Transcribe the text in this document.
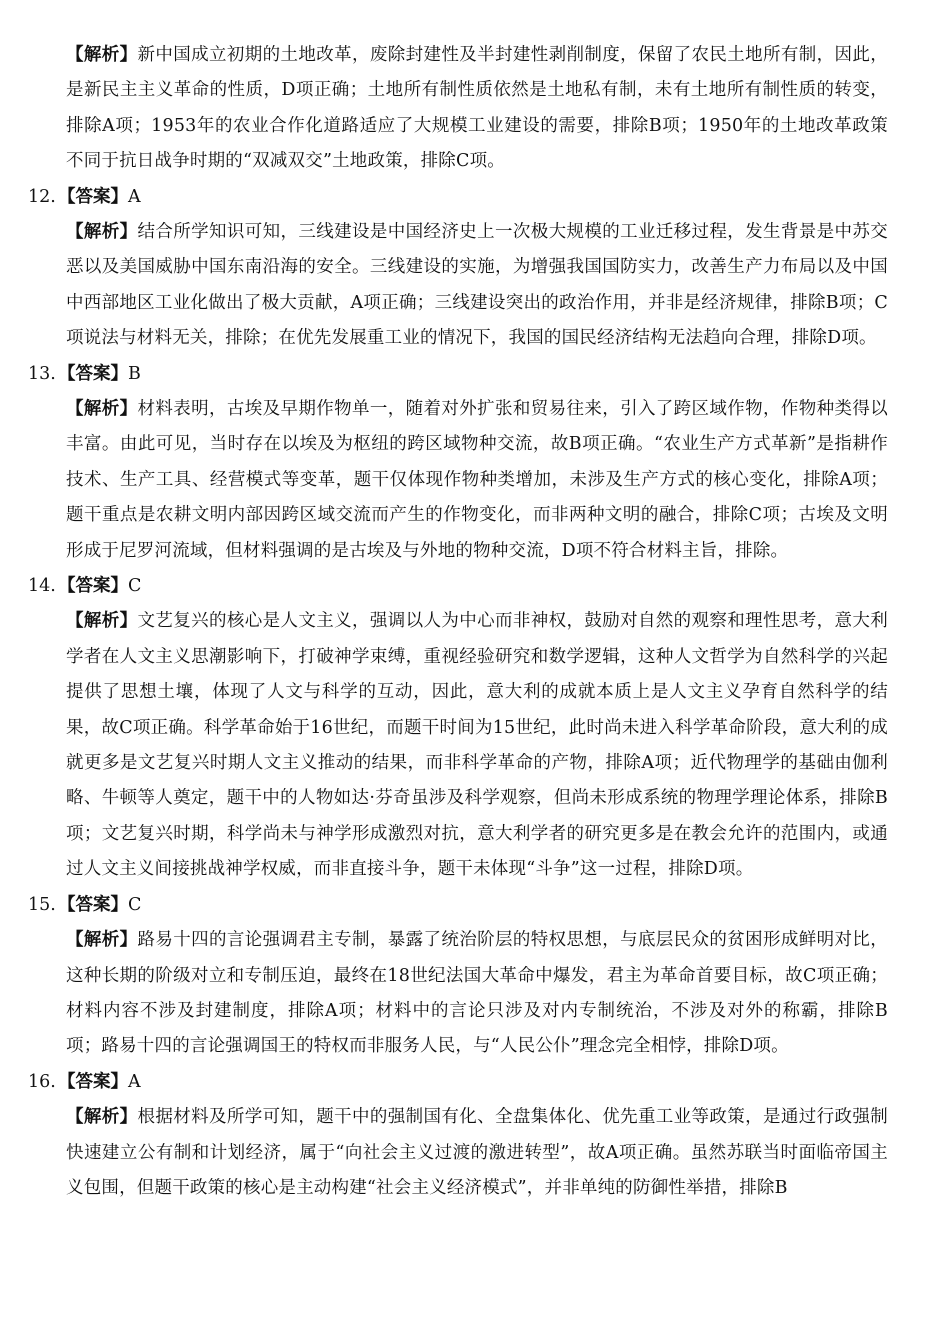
【解析】新中国成立初期的土地改革，废除封建性及半封建性剥削制度，保留了农民土地所有制，因此，是新民主主义革命的性质，D项正确；土地所有制性质依然是土地私有制，未有土地所有制性质的转变，排除A项；1953年的农业合作化道路适应了大规模工业建设的需要，排除B项；1950年的土地改革政策不同于抗日战争时期的“双减双交”土地政策，排除C项。

12. 【答案】A

【解析】结合所学知识可知，三线建设是中国经济史上一次极大规模的工业迁移过程，发生背景是中苏交恶以及美国威胁中国东南沿海的安全。三线建设的实施，为增强我国国防实力，改善生产力布局以及中国中西部地区工业化做出了极大贡献，A项正确；三线建设突出的政治作用，并非是经济规律，排除B项；C项说法与材料无关，排除；在优先发展重工业的情况下，我国的国民经济结构无法趋向合理，排除D项。

13. 【答案】B

【解析】材料表明，古埃及早期作物单一，随着对外扩张和贸易往来，引入了跨区域作物，作物种类得以丰富。由此可见，当时存在以埃及为枢纽的跨区域物种交流，故B项正确。“农业生产方式革新”是指耕作技术、生产工具、经营模式等变革，题干仅体现作物种类增加，未涉及生产方式的核心变化，排除A项；题干重点是农耕文明内部因跨区域交流而产生的作物变化，而非两种文明的融合，排除C项；古埃及文明形成于尼罗河流域，但材料强调的是古埃及与外地的物种交流，D项不符合材料主旨，排除。

14. 【答案】C

【解析】文艺复兴的核心是人文主义，强调以人为中心而非神权，鼓励对自然的观察和理性思考，意大利学者在人文主义思潮影响下，打破神学束缚，重视经验研究和数学逻辑，这种人文哲学为自然科学的兴起提供了思想土壤，体现了人文与科学的互动，因此，意大利的成就本质上是人文主义孕育自然科学的结果，故C项正确。科学革命始于16世纪，而题干时间为15世纪，此时尚未进入科学革命阶段，意大利的成就更多是文艺复兴时期人文主义推动的结果，而非科学革命的产物，排除A项；近代物理学的基础由伽利略、牛顿等人奠定，题干中的人物如达·芬奇虽涉及科学观察，但尚未形成系统的物理学理论体系，排除B项；文艺复兴时期，科学尚未与神学形成激烈对抗，意大利学者的研究更多是在教会允许的范围内，或通过人文主义间接挑战神学权威，而非直接斗争，题干未体现“斗争”这一过程，排除D项。

15. 【答案】C

【解析】路易十四的言论强调君主专制，暴露了统治阶层的特权思想，与底层民众的贫困形成鲜明对比，这种长期的阶级对立和专制压迫，最终在18世纪法国大革命中爆发，君主为革命首要目标，故C项正确；材料内容不涉及封建制度，排除A项；材料中的言论只涉及对内专制统治，不涉及对外的称霸，排除B项；路易十四的言论强调国王的特权而非服务人民，与“人民公仆”理念完全相悖，排除D项。

16. 【答案】A

【解析】根据材料及所学可知，题干中的强制国有化、全盘集体化、优先重工业等政策，是通过行政强制快速建立公有制和计划经济，属于“向社会主义过渡的激进转型”，故A项正确。虽然苏联当时面临帝国主义包围，但题干政策的核心是主动构建“社会主义经济模式”，并非单纯的防御性举措，排除B
